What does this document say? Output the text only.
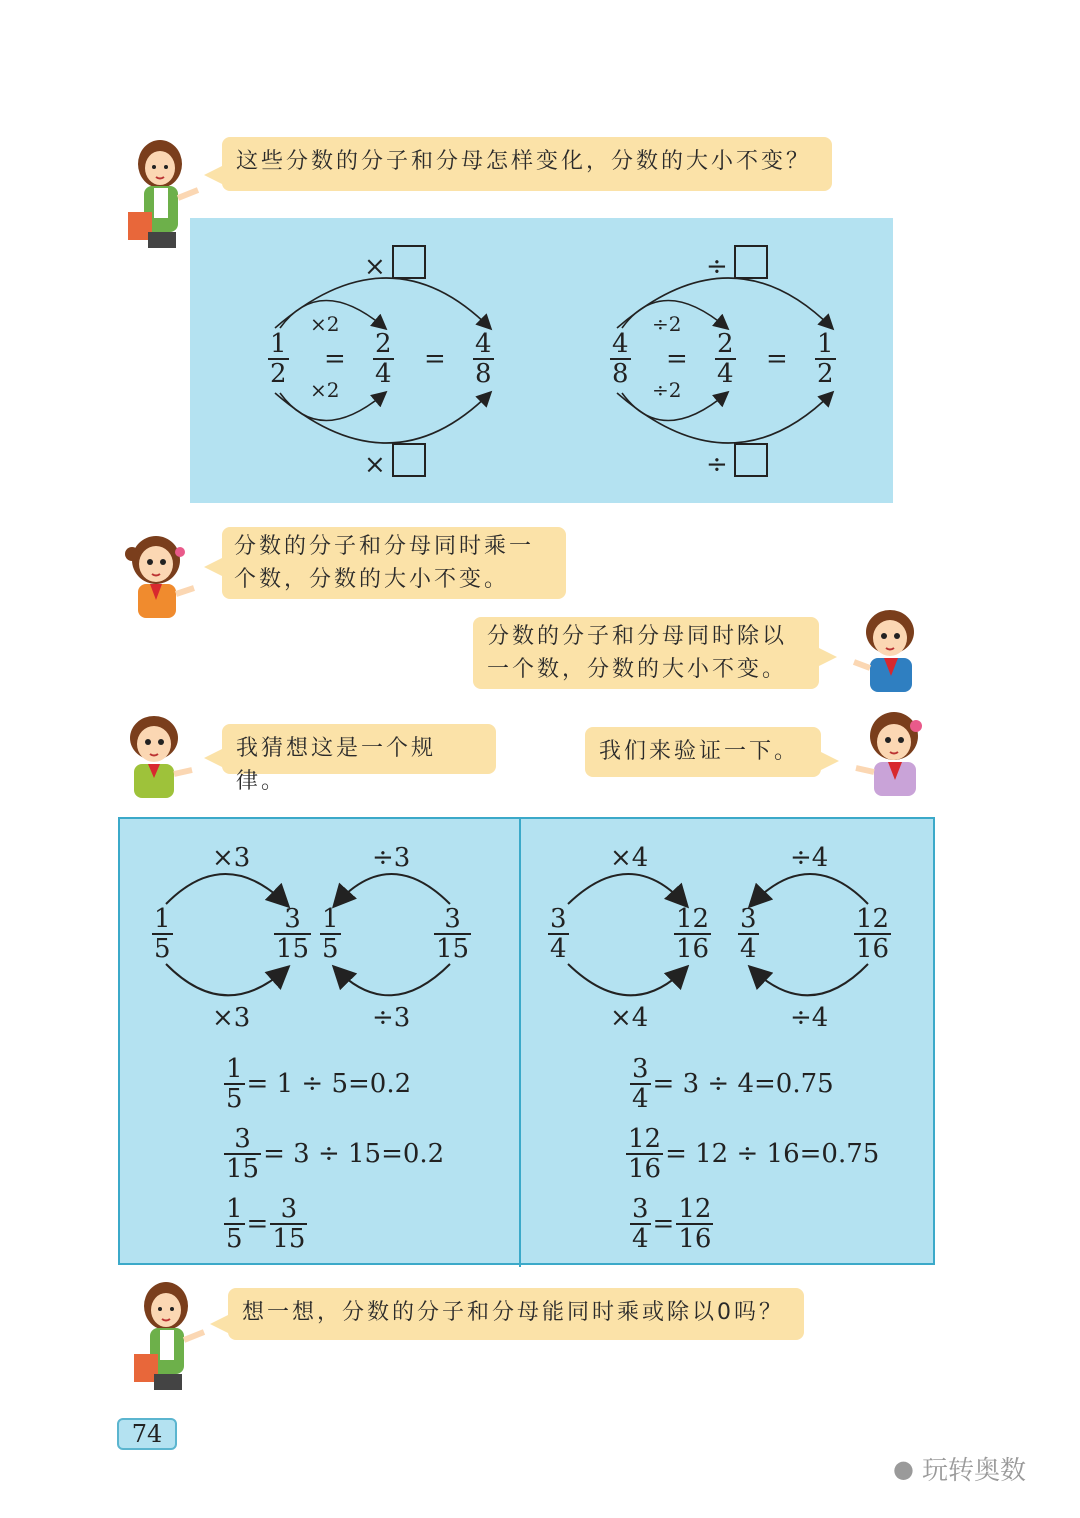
这些分数的分子和分母怎样变化，分数的大小不变？
×
×
×2
×2
$\frac{1}{2} = \frac{2}{4} = \frac{4}{8}$
÷
÷
÷2
÷2
$\frac{4}{8} = \frac{2}{4} = \frac{1}{2}$
分数的分子和分母同时乘一
个数，分数的大小不变。
分数的分子和分母同时除以
一个数，分数的大小不变。
我猜想这是一个规律。
我们来验证一下。
×3
×3
÷3
÷3
$\frac{1}{5}$	$\frac{3}{15} \frac{1}{5}$	$\frac{3}{15}$
$\frac{1}{5} = 1 \div 5=0.2$
$\frac{3}{15} = 3 \div 15=0.2$
$\frac{1}{5} = \frac{3}{15}$
×4
×4
÷4
÷4
$\frac{3}{4}$	$\frac{12}{16} \frac{3}{4}$	$\frac{12}{16}$
$\frac{3}{4} = 3 \div 4=0.75$
$\frac{12}{16} = 12 \div 16=0.75$
$\frac{3}{4} = \frac{12}{16}$
想一想，分数的分子和分母能同时乘或除以0吗？
74
● 玩转奥数
